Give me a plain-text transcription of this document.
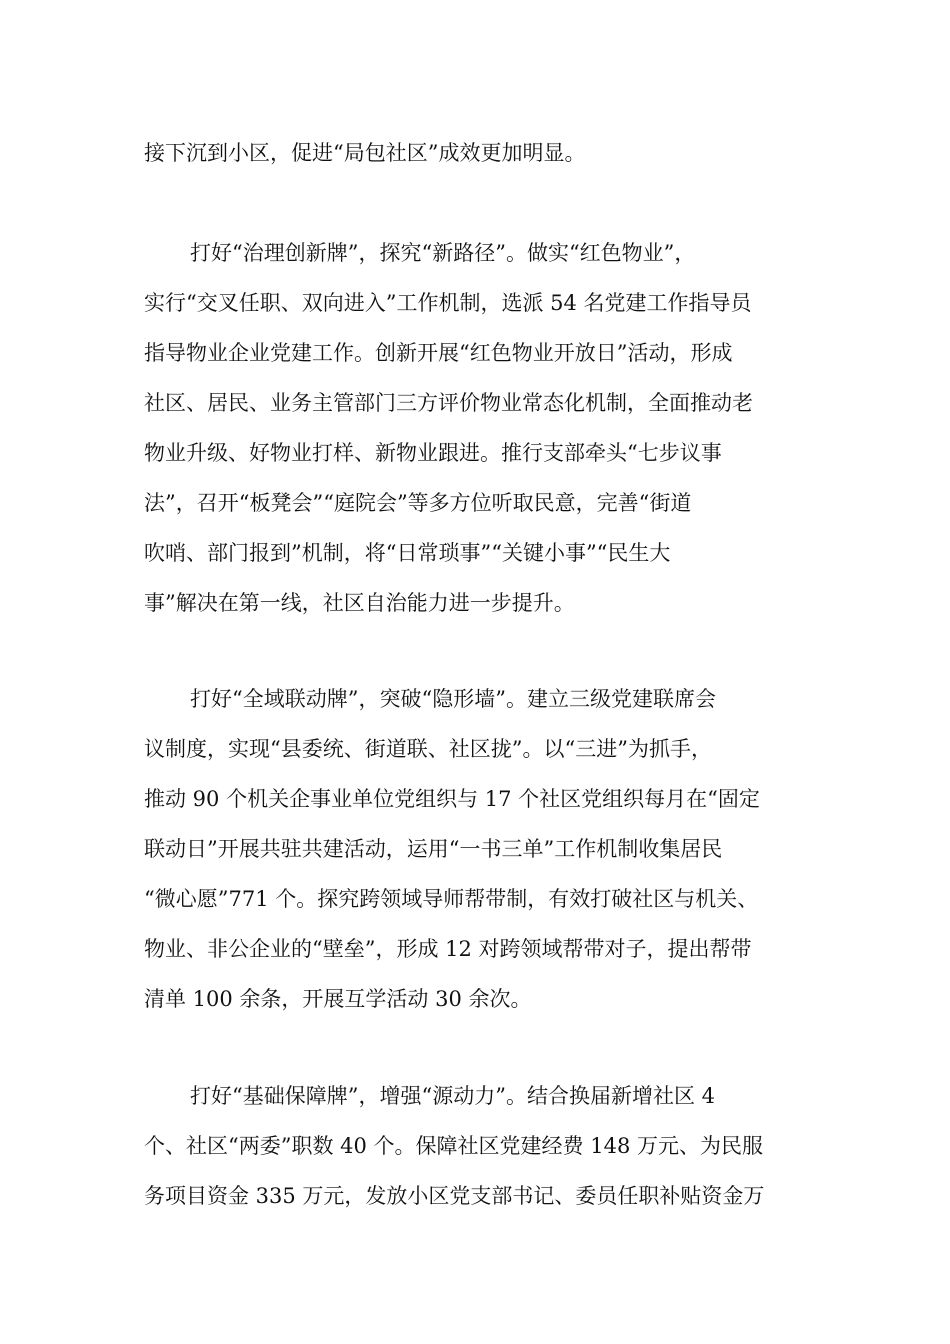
接下沉到小区，促进“局包社区”成效更加明显。
打好“治理创新牌”，探究“新路径”。做实“红色物业”，
实行“交叉任职、双向进入”工作机制，选派 54 名党建工作指导员
指导物业企业党建工作。创新开展“红色物业开放日”活动，形成
社区、居民、业务主管部门三方评价物业常态化机制，全面推动老
物业升级、好物业打样、新物业跟进。推行支部牵头“七步议事
法”，召开“板凳会”“庭院会”等多方位听取民意，完善“街道
吹哨、部门报到”机制，将“日常琐事”“关键小事”“民生大
事”解决在第一线，社区自治能力进一步提升。
打好“全域联动牌”，突破“隐形墙”。建立三级党建联席会
议制度，实现“县委统、街道联、社区拢”。以“三进”为抓手，
推动 90 个机关企事业单位党组织与 17 个社区党组织每月在“固定
联动日”开展共驻共建活动，运用“一书三单”工作机制收集居民
“微心愿”771 个。探究跨领域导师帮带制，有效打破社区与机关、
物业、非公企业的“壁垒”，形成 12 对跨领域帮带对子，提出帮带
清单 100 余条，开展互学活动 30 余次。
打好“基础保障牌”，增强“源动力”。结合换届新增社区 4
个、社区“两委”职数 40 个。保障社区党建经费 148 万元、为民服
务项目资金 335 万元，发放小区党支部书记、委员任职补贴资金万
